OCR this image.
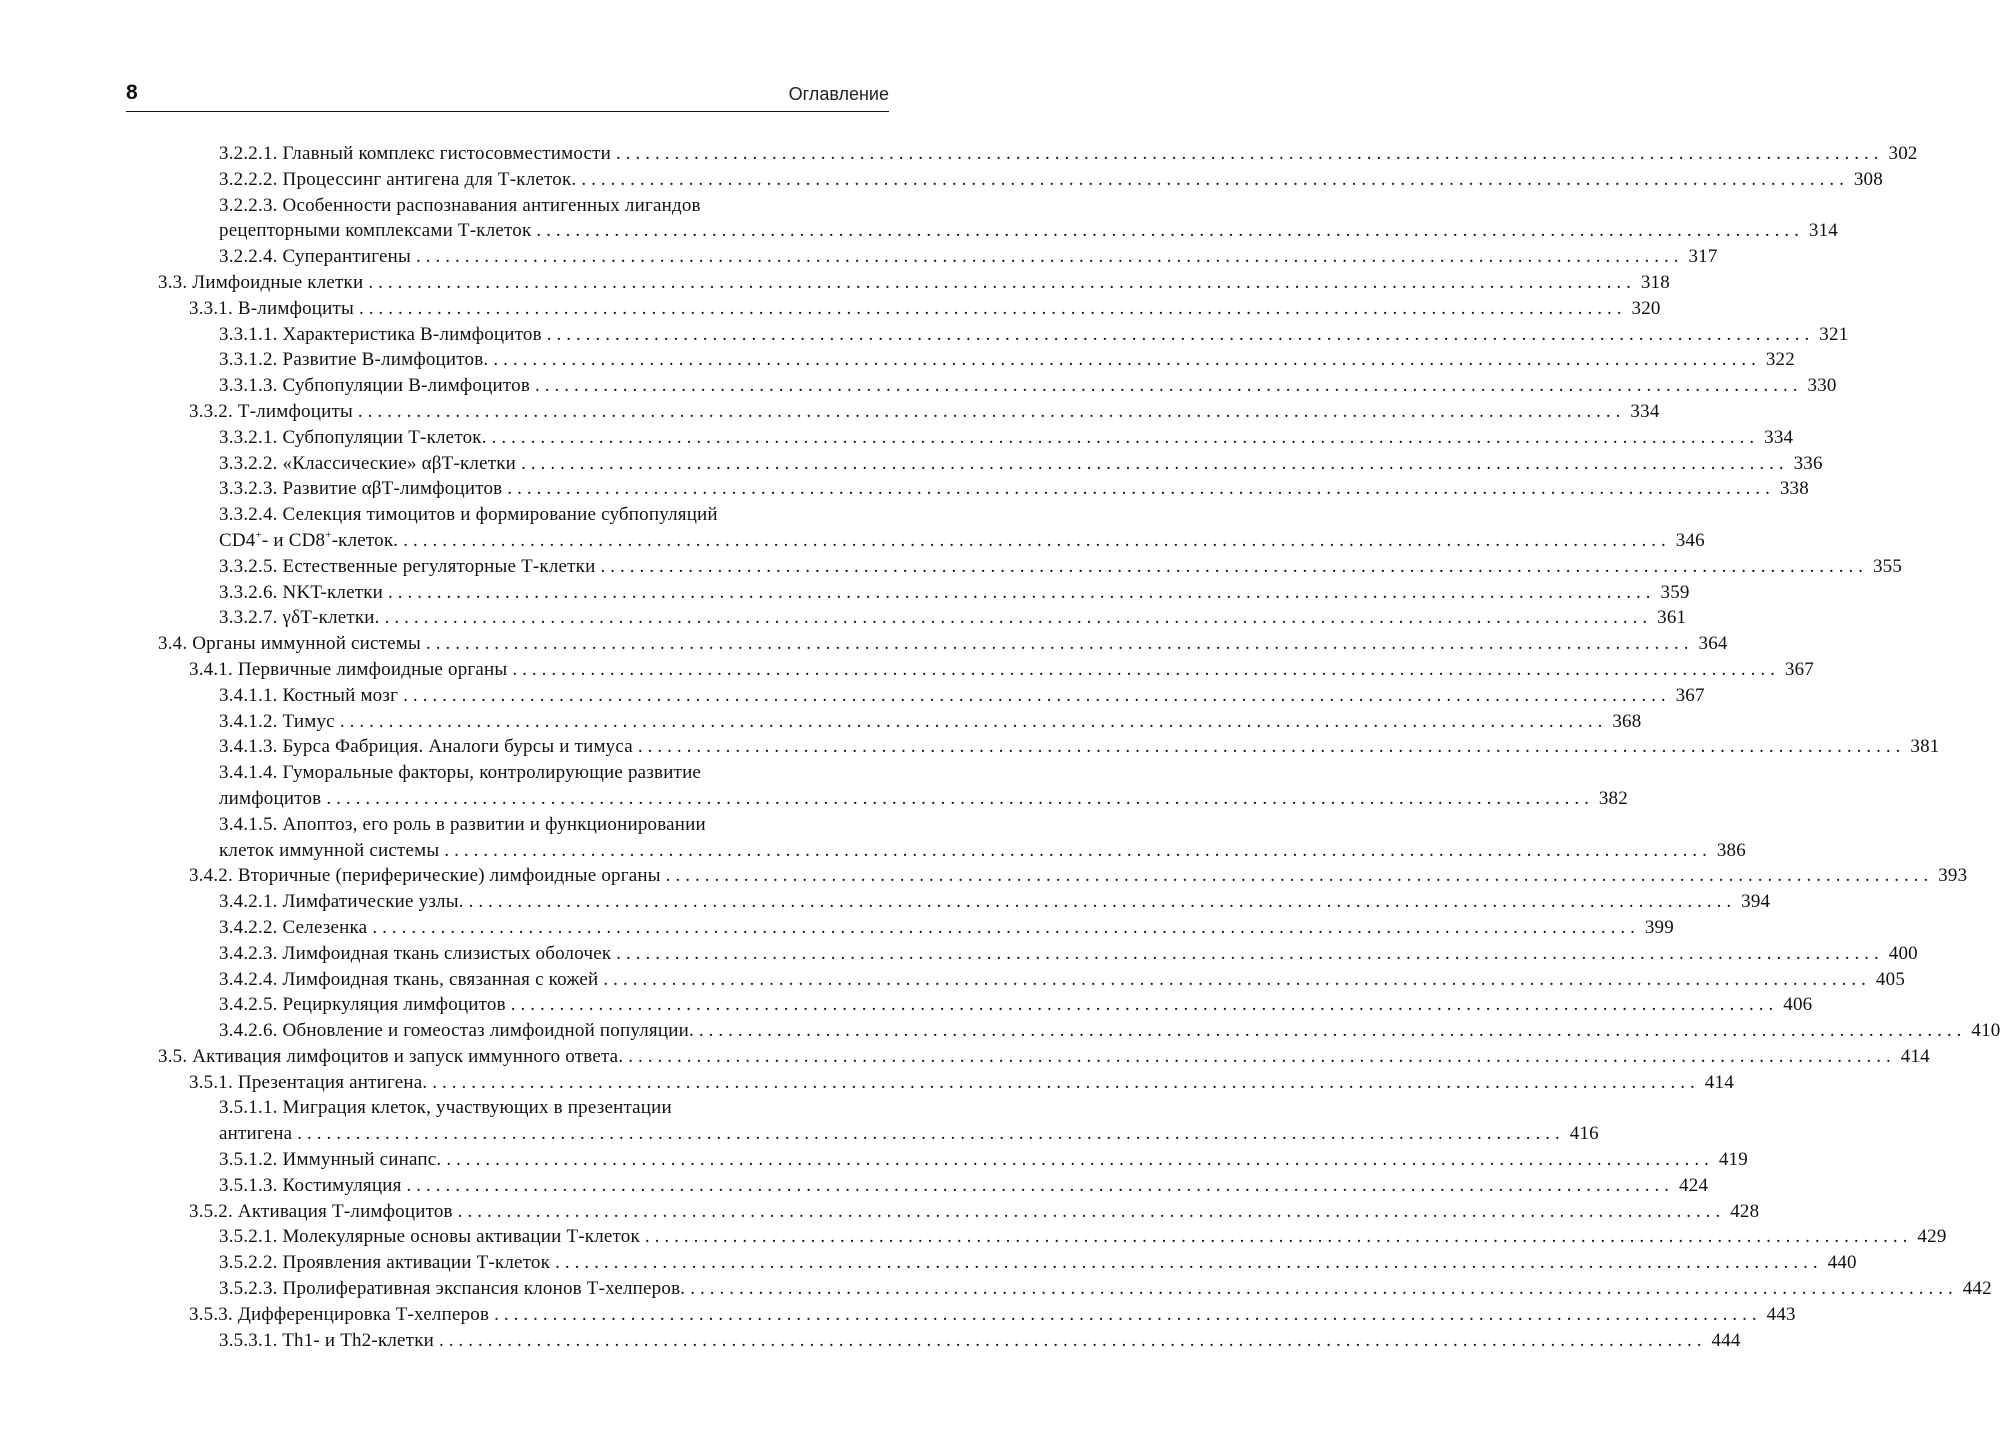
8	Оглавление
3.2.2.1. Главный комплекс гистосовместимости .................................................................................................................................. 302
3.2.2.2. Процессинг антигена для Т-клеток. .................................................................................................................................. 308
3.2.2.3. Особенности распознавания антигенных лигандов
рецепторными комплексами Т-клеток .................................................................................................................................. 314
3.2.2.4. Суперантигены .................................................................................................................................. 317
3.3. Лимфоидные клетки .................................................................................................................................. 318
3.3.1. В-лимфоциты .................................................................................................................................. 320
3.3.1.1. Характеристика В-лимфоцитов .................................................................................................................................. 321
3.3.1.2. Развитие В-лимфоцитов. .................................................................................................................................. 322
3.3.1.3. Субпопуляции В-лимфоцитов .................................................................................................................................. 330
3.3.2. Т-лимфоциты .................................................................................................................................. 334
3.3.2.1. Субпопуляции Т-клеток. .................................................................................................................................. 334
3.3.2.2. «Классические» αβТ-клетки .................................................................................................................................. 336
3.3.2.3. Развитие αβТ-лимфоцитов .................................................................................................................................. 338
3.3.2.4. Селекция тимоцитов и формирование субпопуляций
CD4+- и CD8+-клеток. .................................................................................................................................. 346
3.3.2.5. Естественные регуляторные Т-клетки .................................................................................................................................. 355
3.3.2.6. NKT-клетки .................................................................................................................................. 359
3.3.2.7. γδТ-клетки. .................................................................................................................................. 361
3.4. Органы иммунной системы .................................................................................................................................. 364
3.4.1. Первичные лимфоидные органы .................................................................................................................................. 367
3.4.1.1. Костный мозг .................................................................................................................................. 367
3.4.1.2. Тимус .................................................................................................................................. 368
3.4.1.3. Бурса Фабриция. Аналоги бурсы и тимуса .................................................................................................................................. 381
3.4.1.4. Гуморальные факторы, контролирующие развитие
лимфоцитов .................................................................................................................................. 382
3.4.1.5. Апоптоз, его роль в развитии и функционировании
клеток иммунной системы .................................................................................................................................. 386
3.4.2. Вторичные (периферические) лимфоидные органы .................................................................................................................................. 393
3.4.2.1. Лимфатические узлы. .................................................................................................................................. 394
3.4.2.2. Селезенка .................................................................................................................................. 399
3.4.2.3. Лимфоидная ткань слизистых оболочек .................................................................................................................................. 400
3.4.2.4. Лимфоидная ткань, связанная с кожей .................................................................................................................................. 405
3.4.2.5. Рециркуляция лимфоцитов .................................................................................................................................. 406
3.4.2.6. Обновление и гомеостаз лимфоидной популяции. .................................................................................................................................. 410
3.5. Активация лимфоцитов и запуск иммунного ответа. .................................................................................................................................. 414
3.5.1. Презентация антигена. .................................................................................................................................. 414
3.5.1.1. Миграция клеток, участвующих в презентации
антигена .................................................................................................................................. 416
3.5.1.2. Иммунный синапс. .................................................................................................................................. 419
3.5.1.3. Костимуляция .................................................................................................................................. 424
3.5.2. Активация Т-лимфоцитов .................................................................................................................................. 428
3.5.2.1. Молекулярные основы активации Т-клеток .................................................................................................................................. 429
3.5.2.2. Проявления активации Т-клеток .................................................................................................................................. 440
3.5.2.3. Пролиферативная экспансия клонов Т-хелперов. .................................................................................................................................. 442
3.5.3. Дифференцировка Т-хелперов .................................................................................................................................. 443
3.5.3.1. Th1- и Th2-клетки .................................................................................................................................. 444
